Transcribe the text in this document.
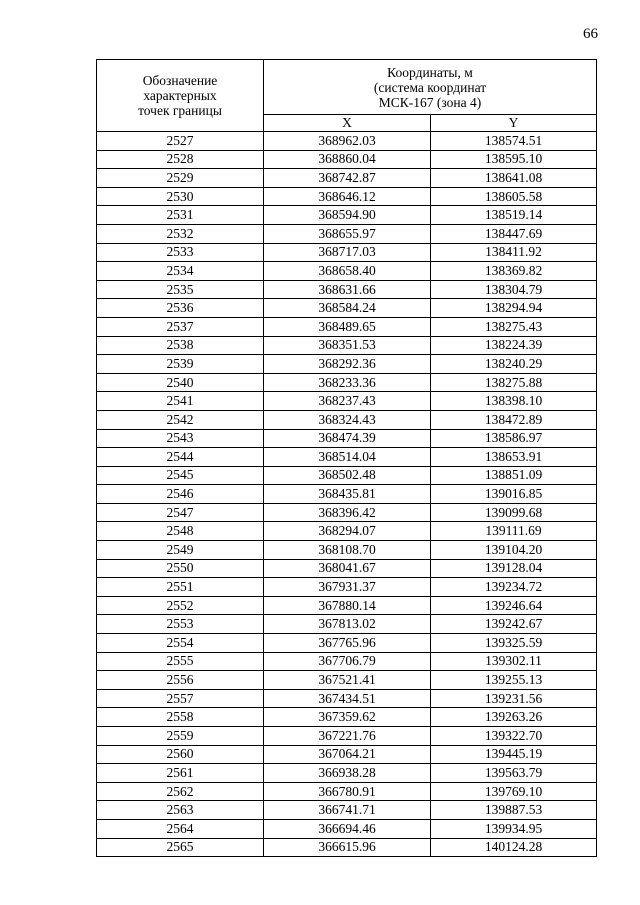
66
Обозначение
характерных
точек границы	Координаты, м
(система координат
МСК-167 (зона 4)	

	X	Y
2527	368962.03	138574.51
2528	368860.04	138595.10
2529	368742.87	138641.08
2530	368646.12	138605.58
2531	368594.90	138519.14
2532	368655.97	138447.69
2533	368717.03	138411.92
2534	368658.40	138369.82
2535	368631.66	138304.79
2536	368584.24	138294.94
2537	368489.65	138275.43
2538	368351.53	138224.39
2539	368292.36	138240.29
2540	368233.36	138275.88
2541	368237.43	138398.10
2542	368324.43	138472.89
2543	368474.39	138586.97
2544	368514.04	138653.91
2545	368502.48	138851.09
2546	368435.81	139016.85
2547	368396.42	139099.68
2548	368294.07	139111.69
2549	368108.70	139104.20
2550	368041.67	139128.04
2551	367931.37	139234.72
2552	367880.14	139246.64
2553	367813.02	139242.67
2554	367765.96	139325.59
2555	367706.79	139302.11
2556	367521.41	139255.13
2557	367434.51	139231.56
2558	367359.62	139263.26
2559	367221.76	139322.70
2560	367064.21	139445.19
2561	366938.28	139563.79
2562	366780.91	139769.10
2563	366741.71	139887.53
2564	366694.46	139934.95
2565	366615.96	140124.28
